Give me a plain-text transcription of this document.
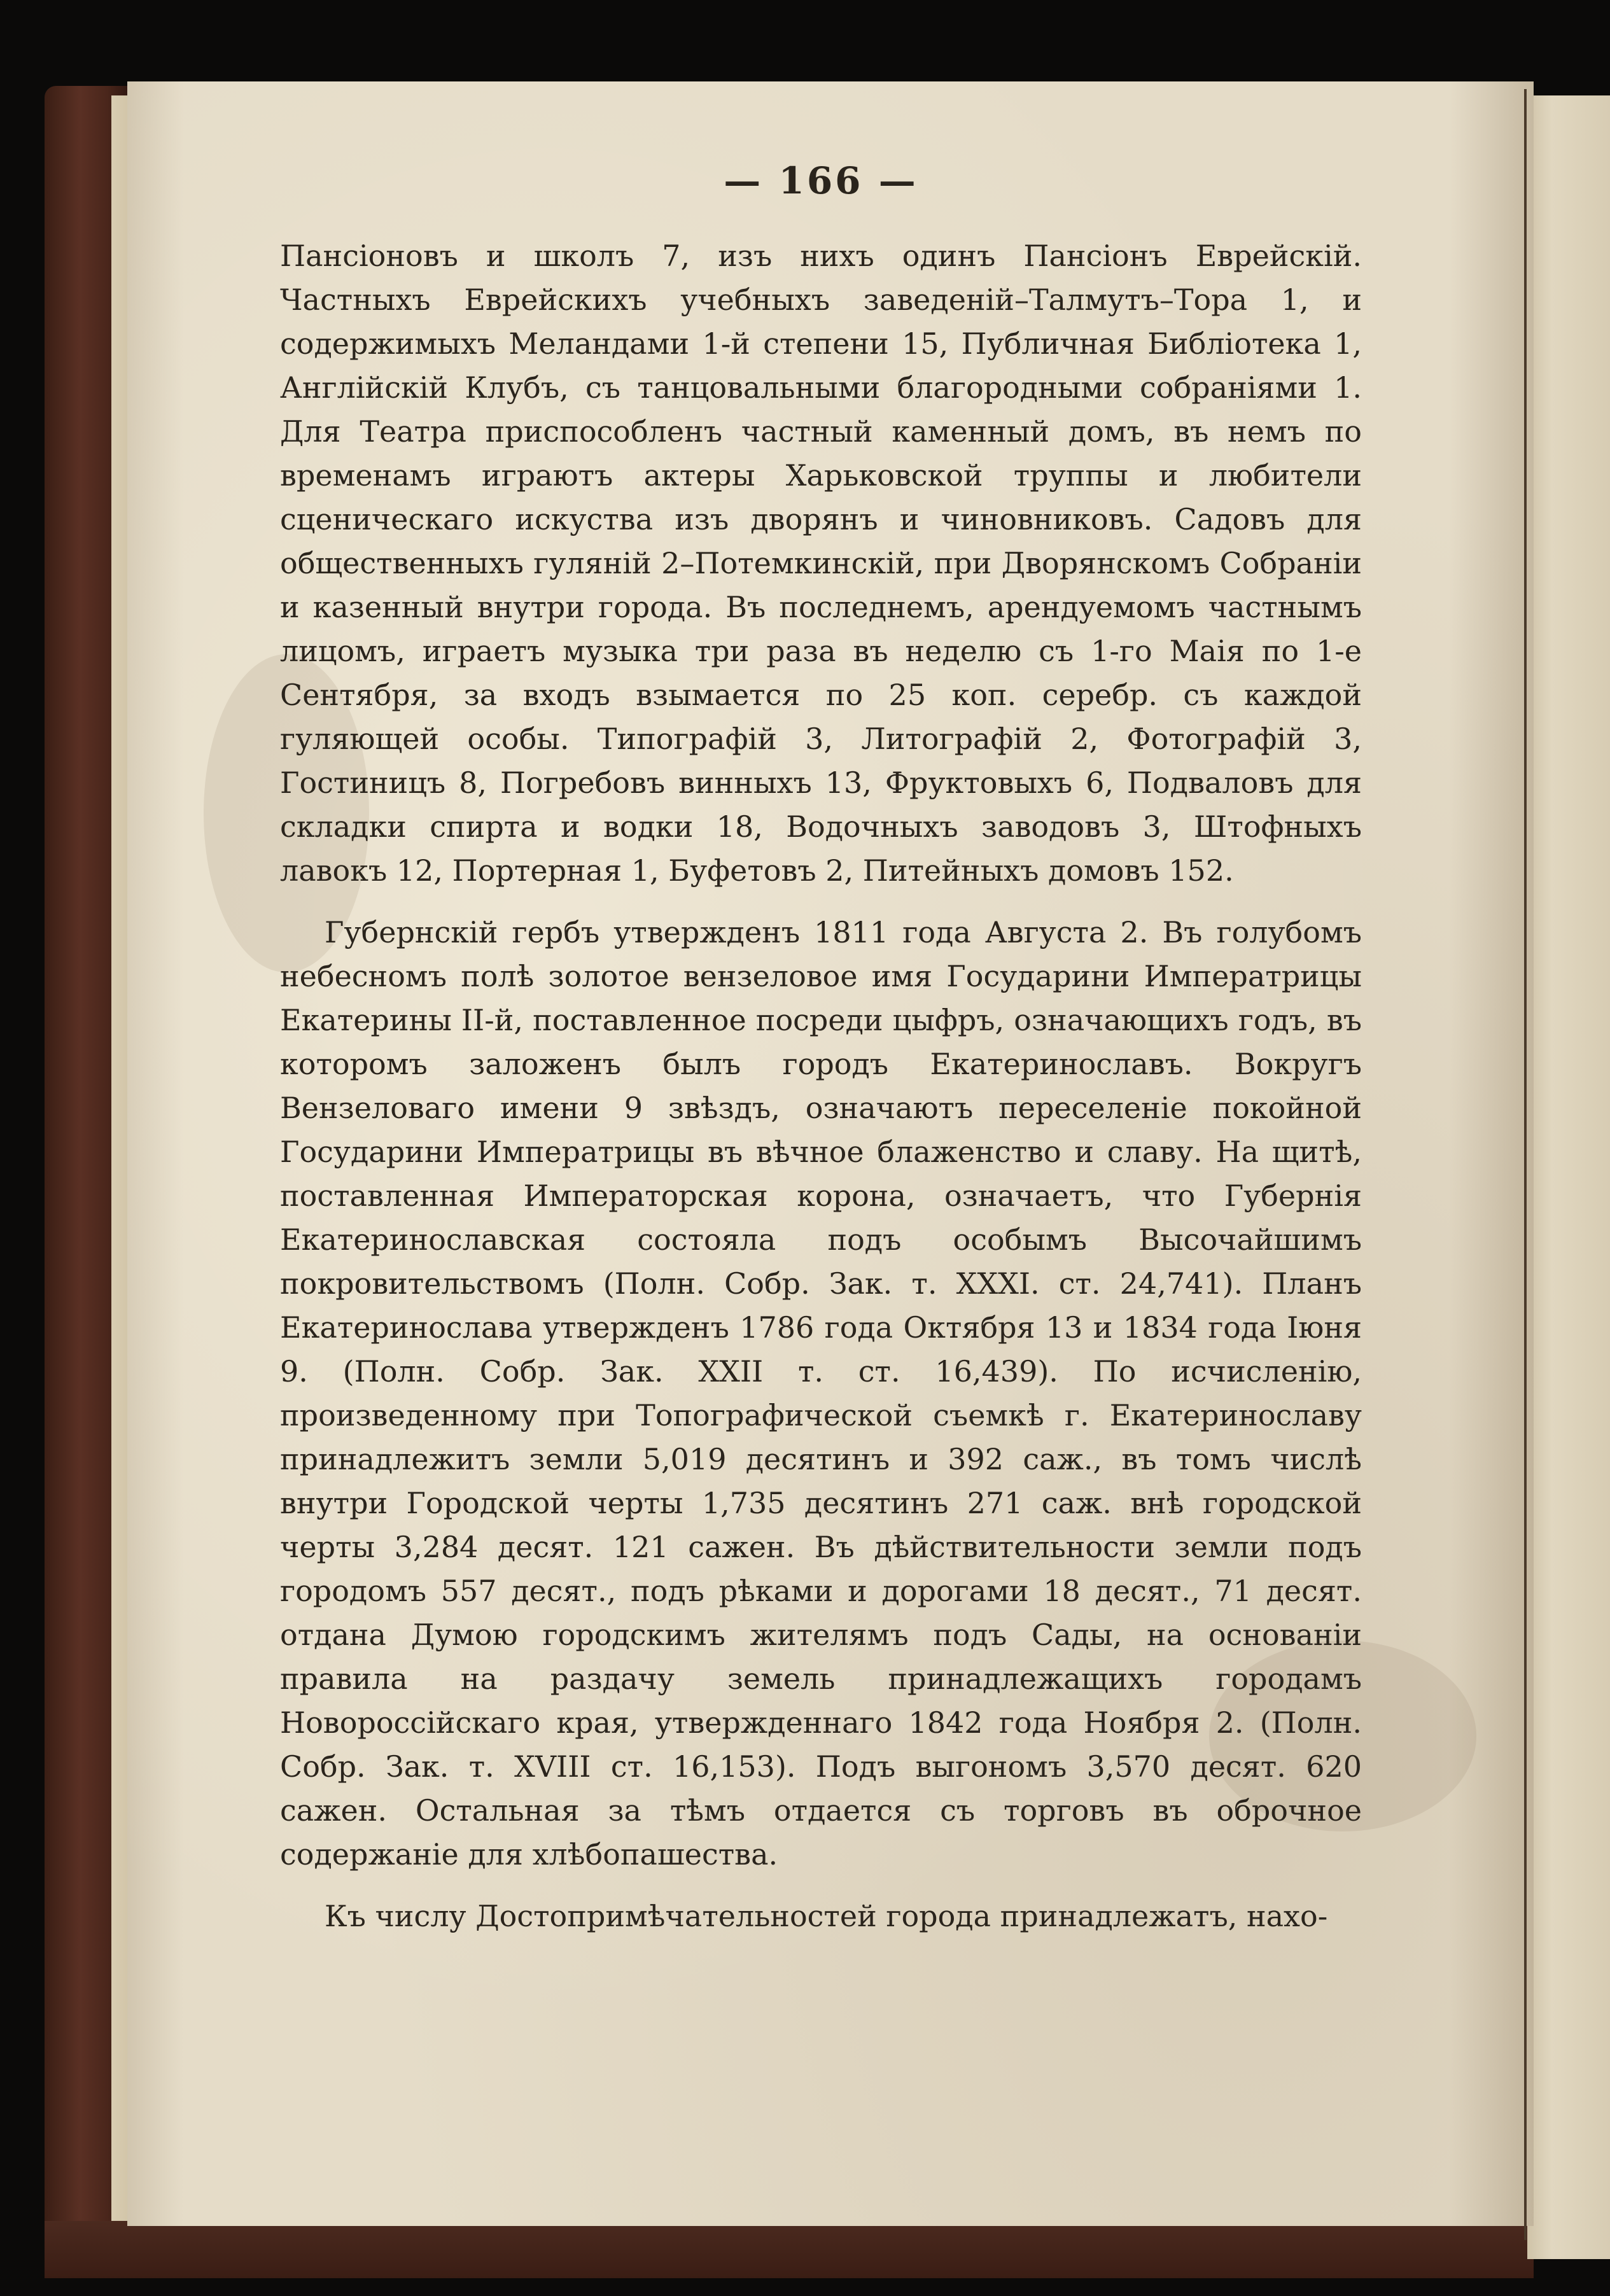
— 166 —

Пансіоновъ и школъ 7, изъ нихъ одинъ Пансіонъ Еврейскій. Частныхъ Еврейскихъ учебныхъ заведеній–Талмутъ–Тора 1, и содержимыхъ Меландами 1-й степени 15, Публичная Библіотека 1, Англійскій Клубъ, съ танцовальными благородными собраніями 1. Для Театра приспособленъ частный каменный домъ, въ немъ по временамъ играютъ актеры Харьковской труппы и любители сценическаго искуства изъ дворянъ и чиновниковъ. Садовъ для общественныхъ гуляній 2–Потемкинскій, при Дворянскомъ Собраніи и казенный внутри города. Въ последнемъ, арендуемомъ частнымъ лицомъ, играетъ музыка три раза въ неделю съ 1-го Маія по 1-е Сентября, за входъ взымается по 25 коп. серебр. съ каждой гуляющей особы. Типографій 3, Литографій 2, Фотографій 3, Гостиницъ 8, Погребовъ винныхъ 13, Фруктовыхъ 6, Подваловъ для складки спирта и водки 18, Водочныхъ заводовъ 3, Штофныхъ лавокъ 12, Портерная 1, Буфетовъ 2, Питейныхъ домовъ 152.

Губернскій гербъ утвержденъ 1811 года Августа 2. Въ голубомъ небесномъ полѣ золотое вензеловое имя Государини Императрицы Екатерины II-й, поставленное посреди цыфръ, означающихъ годъ, въ которомъ заложенъ былъ городъ Екатеринославъ. Вокругъ Вензеловаго имени 9 звѣздъ, означаютъ переселеніе покойной Государини Императрицы въ вѣчное блаженство и славу. На щитѣ, поставленная Императорская корона, означаетъ, что Губернія Екатеринославская состояла подъ особымъ Высочайшимъ покровительствомъ (Полн. Собр. Зак. т. XXXI. ст. 24,741). Планъ Екатеринослава утвержденъ 1786 года Октября 13 и 1834 года Іюня 9. (Полн. Собр. Зак. XXII т. ст. 16,439). По исчисленію, произведенному при Топографической съемкѣ г. Екатеринославу принадлежитъ земли 5,019 десятинъ и 392 саж., въ томъ числѣ внутри Городской черты 1,735 десятинъ 271 саж. внѣ городской черты 3,284 десят. 121 сажен. Въ дѣйствительности земли подъ городомъ 557 десят., подъ рѣками и дорогами 18 десят., 71 десят. отдана Думою городскимъ жителямъ подъ Сады, на основаніи правила на раздачу земель принадлежащихъ городамъ Новороссійскаго края, утвержденнаго 1842 года Ноября 2. (Полн. Собр. Зак. т. XVIII ст. 16,153). Подъ выгономъ 3,570 десят. 620 сажен. Остальная за тѣмъ отдается съ торговъ въ оброчное содержаніе для хлѣбопашества.

Къ числу Достопримѣчательностей города принадлежатъ, нахо-
